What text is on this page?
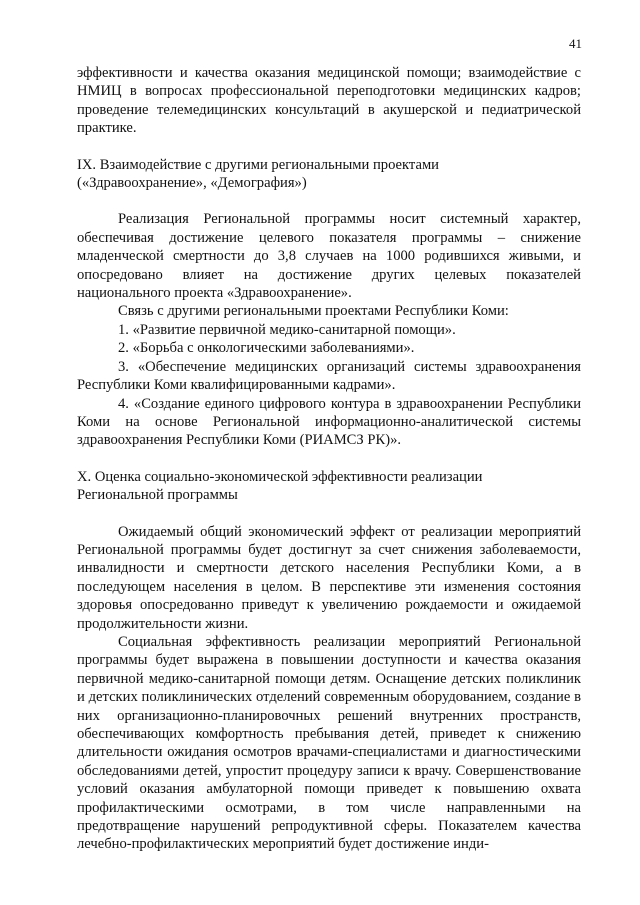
41

эффективности и качества оказания медицинской помощи; взаимодействие с НМИЦ в вопросах профессиональной переподготовки медицинских кадров; проведение телемедицинских консультаций в акушерской и педиатрической практике.

IX. Взаимодействие с другими региональными проектами

(«Здравоохранение», «Демография»)

Реализация Региональной программы носит системный характер, обеспечивая достижение целевого показателя программы – снижение младенческой смертности до 3,8 случаев на 1000 родившихся живыми, и опосредовано влияет на достижение других целевых показателей национального проекта «Здравоохранение».

Связь с другими региональными проектами Республики Коми:

1. «Развитие первичной медико-санитарной помощи».

2. «Борьба с онкологическими заболеваниями».

3. «Обеспечение медицинских организаций системы здравоохранения Республики Коми квалифицированными кадрами».

4. «Создание единого цифрового контура в здравоохранении Республики Коми на основе Региональной информационно-аналитической системы здравоохранения Республики Коми (РИАМСЗ РК)».

X. Оценка социально-экономической эффективности реализации

Региональной программы

Ожидаемый общий экономический эффект от реализации мероприятий Региональной программы будет достигнут за счет снижения заболеваемости, инвалидности и смертности детского населения Республики Коми, а в последующем населения в целом. В перспективе эти изменения состояния здоровья опосредованно приведут к увеличению рождаемости и ожидаемой продолжительности жизни.

Социальная эффективность реализации мероприятий Региональной программы будет выражена в повышении доступности и качества оказания первичной медико-санитарной помощи детям. Оснащение детских поликлиник и детских поликлинических отделений современным оборудованием, создание в них организационно-планировочных решений внутренних пространств, обеспечивающих комфортность пребывания детей, приведет к снижению длительности ожидания осмотров врачами-специалистами и диагностическими обследованиями детей, упростит процедуру записи к врачу. Совершенствование условий оказания амбулаторной помощи приведет к повышению охвата профилактическими осмотрами, в том числе направленными на предотвращение нарушений репродуктивной сферы. Показателем качества лечебно-профилактических мероприятий будет достижение инди-
